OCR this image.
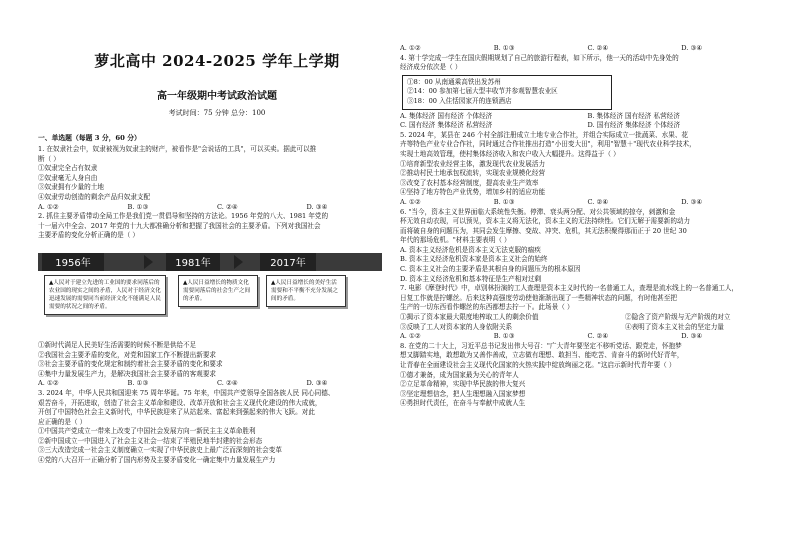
萝北高中 2024-2025 学年上学期
高一年级期中考试政治试题
考试时间：75 分钟 总分：100
一、单选题（每题 3 分，60 分）
1. 在奴隶社会中，奴隶被视为奴隶主的财产，被看作是"会说话的工具"，可以买卖。据此可以推
断（ ）
①奴隶完全占有奴隶
②奴隶毫无人身自由
③奴隶拥有少量的土地
④奴隶劳动创造的剩余产品归奴隶支配
A. ①②	B. ①③	C. ②④	D. ③④
2. 抓住主要矛盾带动全局工作是我们党一贯倡导和坚持的方法论。1956 年党的八大、1981 年党的
十一届六中全会、2017 年党的十九大都准确分析和把握了我国社会的主要矛盾。下列对我国社会
主要矛盾的变化分析正确的是（ ）
1956年	1981年	2017年
▲人民对于建立先进的工业国的要求同落后的农业国的现实之间的矛盾，人民对于经济文化迅速发展的需要同当前经济文化不能满足人民需要的状况之间的矛盾。
▲人民日益增长的物质文化需要同落后的社会生产之间的矛盾。
▲人民日益增长的美好生活需要和不平衡不充分发展之间的矛盾。
①新时代满足人民美好生活需要的时候不断是供给不足
②我国社会主要矛盾的变化，对党和国家工作不断提出新要求
③社会主要矛盾的变化规定和制约着社会主要矛盾的变化和要求
④集中力量发展生产力，是解决我国社会主要矛盾的客观要求
A. ①②	B. ①③	C. ②④	D. ③④
3. 2024 年，中华人民共和国迎来 75 周年华诞。75 年来，中国共产党领导全国各族人民 同心同德、
艰苦奋斗，开拓进取，创造了社会主义革命和建设、改革开放和社会主义现代化建设的伟大成就，
开创了中国特色社会主义新时代，中华民族迎来了从站起来、富起来到强起来的伟大飞跃。对此
应正确的是（ ）
①中国共产党成立一带来上改变了中国社会发展方向一新民主主义革命胜利
②新中国成立一中国进入了社会主义社会一结束了半殖民地半封建的社会形态
③三大改造完成一社会主义制度确立一实现了中华民族史上最广泛而深刻的社会变革
④党的八大召开一正确分析了国内形势及主要矛盾变化一确定集中力量发展生产力
A. ①②	B. ①③	C. ②④	D. ③④
4. 第十学完成一学生在国庆假期规划了自己的旅游行程表，如下所示，他一天的活动中先身处的
经济成分依次是（ ）
①8：00 从南通乘高铁出发苏州
②14：00 参加第七届大型丰收节并参观智慧农业区
③18：00 入住恬园家开的连锁酒店
A. 集体经济 国有经济 个体经济	B. 集体经济 国有经济 私营经济
C. 国有经济 集体经济 私营经济	D. 国有经济 集体经济 个体经济
5. 2024 年，某县在 246 个村全部注册成立土地专业合作社，并组合实际成立一批蔬菜、水果、花
卉等特色产业专业合作社，同时通过合作社推出打造"小田变大田"，利用"智慧＋"现代农业科学技术，
实现土地高效管理，使村集体经济收入和农户收入大幅提升。这得益于（ ）
①培育新型农业经营主体，激发现代农业发展活力
②推动村民土地承包权流转，实现农业规模化经营
③改变了农村基本经营制度，提高农业生产效率
④坚持了地方特色产业优势，增加乡村的适应功能
A. ①②	B. ①③	C. ②④	D. ③④
6. "当今，资本主义世界面临大系统性失衡。停滞、衰头两分配、对公共领域的掠夺，刺激和金
杯无效自动衣现，可以预见，资本主义将无法化，资本主义的无法持续性。它们无解于需要新的动力
而将破自身的问题压为，其同会发生摩擦、变故、冲突、危机，其无法积聚得那而正于 20 世纪 30
年代的那场危机。"材料主要表明（ ）
A. 资本主义经济危机是资本主义无法克服的痼疾
B. 资本主义经济危机资本家是资本主义社会的始终
C. 资本主义社会的主要矛盾是其根自身的问题压为的根本原因
D. 资本主义经济危机和基本特征是生产相对过剩
7. 电影《摩登时代》中，卓别林扮演的工人查理是资本主义时代的一名普通工人，查理是流水线上的一名普通工人，
日复工作就是拧螺丝。后来这种高强度劳动使他渐渐出现了一些精神状态的问题，有时他甚至把
生产的一切东西看作螺丝的东西都想去拧一下。此场景（ ）
①揭示了资本家最大限度地榨取工人的剩余价值	②隐含了资产阶级与无产阶级的对立
③反映了工人对资本家的人身依附关系	④表明了资本主义社会的坚定力量
A. ①②	B. ①③	C. ②④	D. ③④
8. 在党的二十大上，习近平总书记发出伟大号召："广大青年要坚定不移听党话、跟党走，怀抱梦
想又脚踏实地，敢想敢为又善作善成，立志做有理想、敢担当、能吃苦、肯奋斗的新时代好青年，
让青春在全面建设社会主义现代化国家的火热实践中绽放绚丽之花。"这启示新时代青年要（ ）
①德才兼备，成为国家最为关心的青年人
②立足革命精神，实现中华民族的伟大复兴
③坚定理想信念，把人生理想融入国家梦想
④勇担时代责任，在奋斗与奉献中成就人生
